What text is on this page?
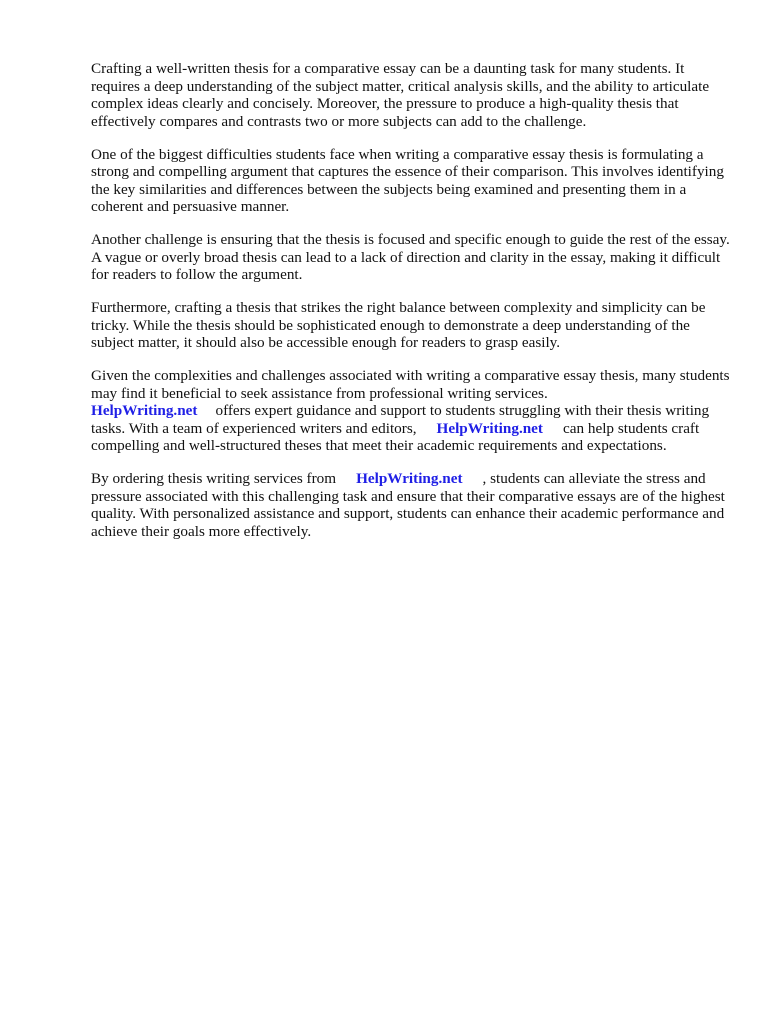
Crafting a well-written thesis for a comparative essay can be a daunting task for many students. It requires a deep understanding of the subject matter, critical analysis skills, and the ability to articulate complex ideas clearly and concisely. Moreover, the pressure to produce a high-quality thesis that effectively compares and contrasts two or more subjects can add to the challenge.

One of the biggest difficulties students face when writing a comparative essay thesis is formulating a strong and compelling argument that captures the essence of their comparison. This involves identifying the key similarities and differences between the subjects being examined and presenting them in a coherent and persuasive manner.

Another challenge is ensuring that the thesis is focused and specific enough to guide the rest of the essay. A vague or overly broad thesis can lead to a lack of direction and clarity in the essay, making it difficult for readers to follow the argument.

Furthermore, crafting a thesis that strikes the right balance between complexity and simplicity can be tricky. While the thesis should be sophisticated enough to demonstrate a deep understanding of the subject matter, it should also be accessible enough for readers to grasp easily.

Given the complexities and challenges associated with writing a comparative essay thesis, many students may find it beneficial to seek assistance from professional writing services.
HelpWriting.net offers expert guidance and support to students struggling with their thesis writing tasks. With a team of experienced writers and editors, HelpWriting.net can help students craft compelling and well-structured theses that meet their academic requirements and expectations.

By ordering thesis writing services from HelpWriting.net , students can alleviate the stress and pressure associated with this challenging task and ensure that their comparative essays are of the highest quality. With personalized assistance and support, students can enhance their academic performance and achieve their goals more effectively.
